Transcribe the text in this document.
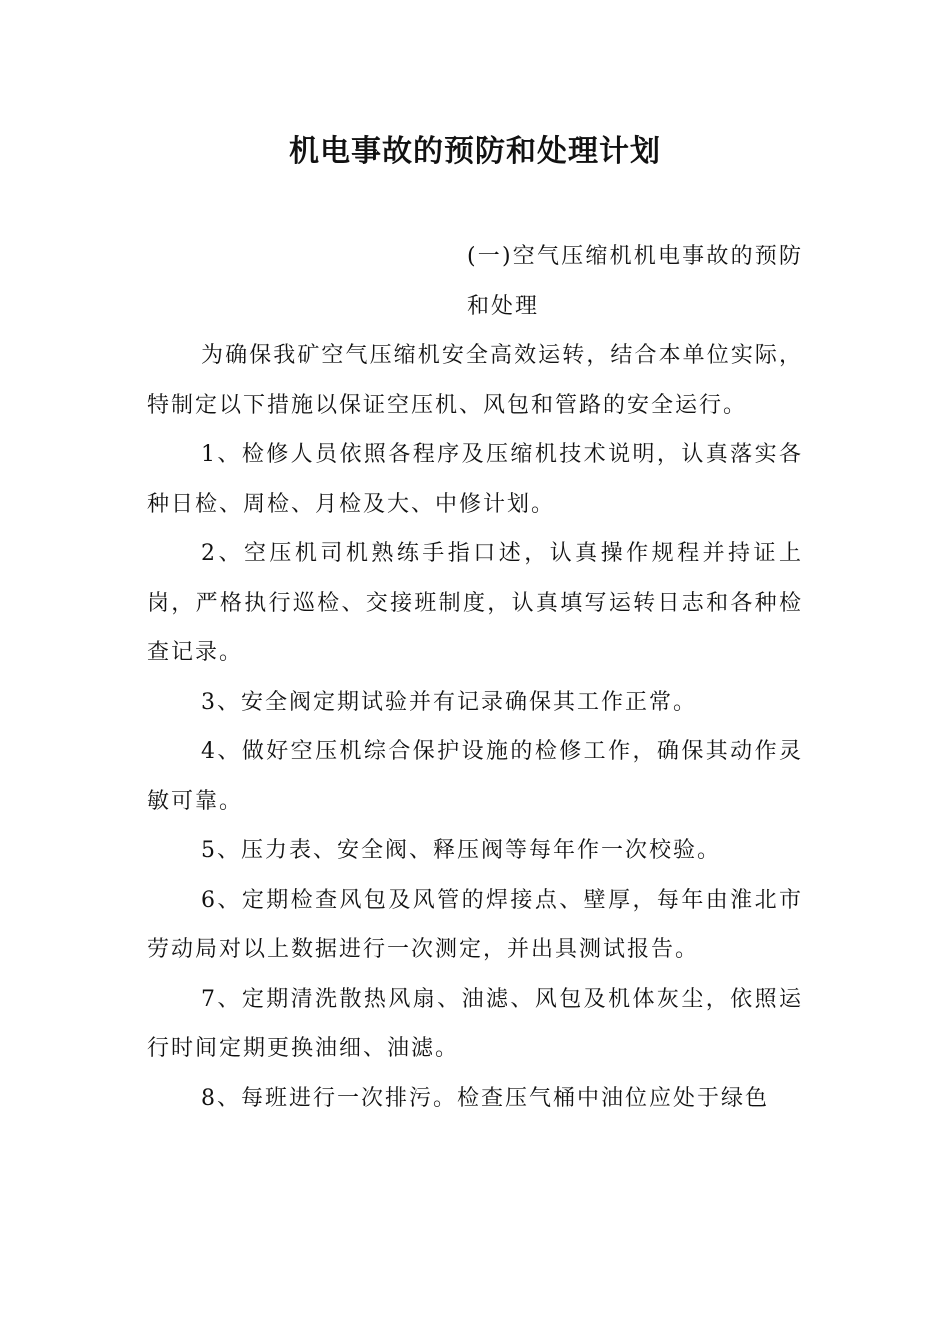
机电事故的预防和处理计划

(一)空气压缩机机电事故的预防和处理

为确保我矿空气压缩机安全高效运转，结合本单位实际，特制定以下措施以保证空压机、风包和管路的安全运行。

1、检修人员依照各程序及压缩机技术说明，认真落实各种日检、周检、月检及大、中修计划。

2、空压机司机熟练手指口述，认真操作规程并持证上岗，严格执行巡检、交接班制度，认真填写运转日志和各种检查记录。

3、安全阀定期试验并有记录确保其工作正常。

4、做好空压机综合保护设施的检修工作，确保其动作灵敏可靠。

5、压力表、安全阀、释压阀等每年作一次校验。

6、定期检查风包及风管的焊接点、壁厚，每年由淮北市劳动局对以上数据进行一次测定，并出具测试报告。

7、定期清洗散热风扇、油滤、风包及机体灰尘，依照运行时间定期更换油细、油滤。

8、每班进行一次排污。检查压气桶中油位应处于绿色
